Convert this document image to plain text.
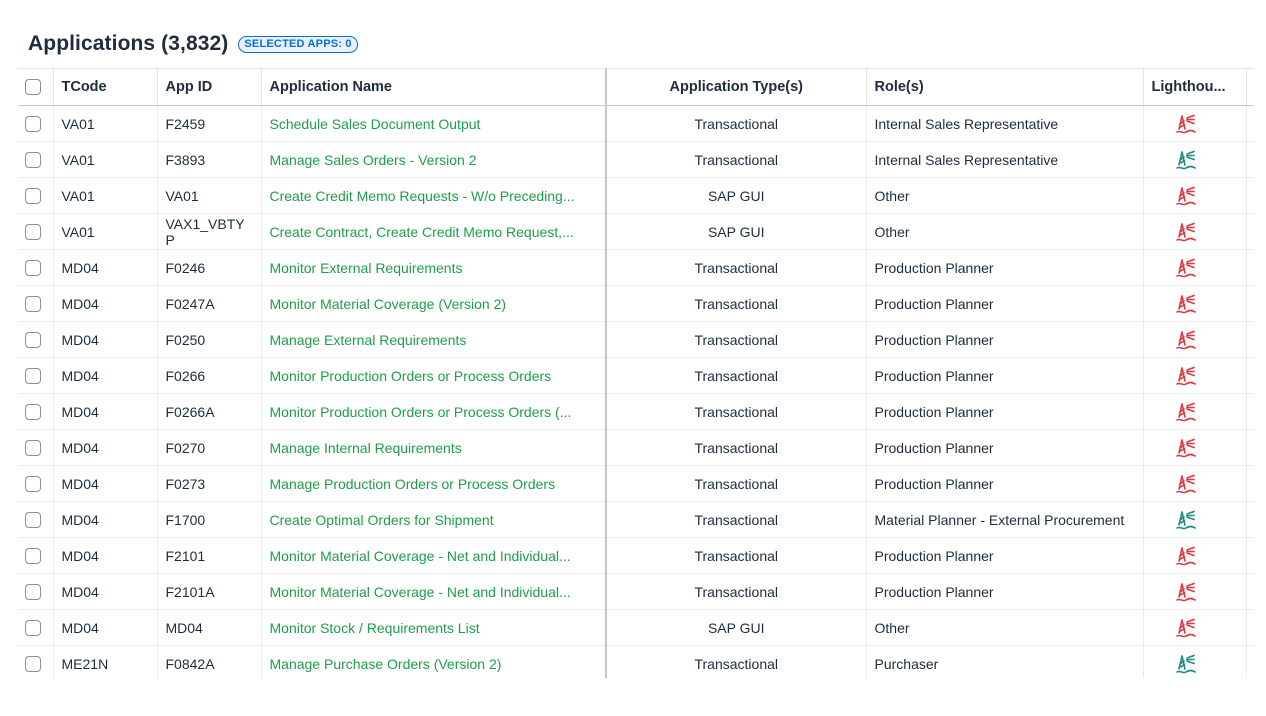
Applications (3,832)	SELECTED APPS: 0
	TCode	App ID	Application Name	Application Type(s)	Role(s)	Lighthou...	

	VA01	F2459	Schedule Sales Document Output	Transactional	Internal Sales Representative	

	VA01	F3893	Manage Sales Orders - Version 2	Transactional	Internal Sales Representative	

	VA01	VA01	Create Credit Memo Requests - W/o Preceding...	SAP GUI	Other	

	VA01	VAX1_VBTYP	Create Contract, Create Credit Memo Request,...	SAP GUI	Other	

	MD04	F0246	Monitor External Requirements	Transactional	Production Planner	

	MD04	F0247A	Monitor Material Coverage (Version 2)	Transactional	Production Planner	

	MD04	F0250	Manage External Requirements	Transactional	Production Planner	

	MD04	F0266	Monitor Production Orders or Process Orders	Transactional	Production Planner	

	MD04	F0266A	Monitor Production Orders or Process Orders (...	Transactional	Production Planner	

	MD04	F0270	Manage Internal Requirements	Transactional	Production Planner	

	MD04	F0273	Manage Production Orders or Process Orders	Transactional	Production Planner	

	MD04	F1700	Create Optimal Orders for Shipment	Transactional	Material Planner - External Procurement	

	MD04	F2101	Monitor Material Coverage - Net and Individual...	Transactional	Production Planner	

	MD04	F2101A	Monitor Material Coverage - Net and Individual...	Transactional	Production Planner	

	MD04	MD04	Monitor Stock / Requirements List	SAP GUI	Other	

	ME21N	F0842A	Manage Purchase Orders (Version 2)	Transactional	Purchaser	
